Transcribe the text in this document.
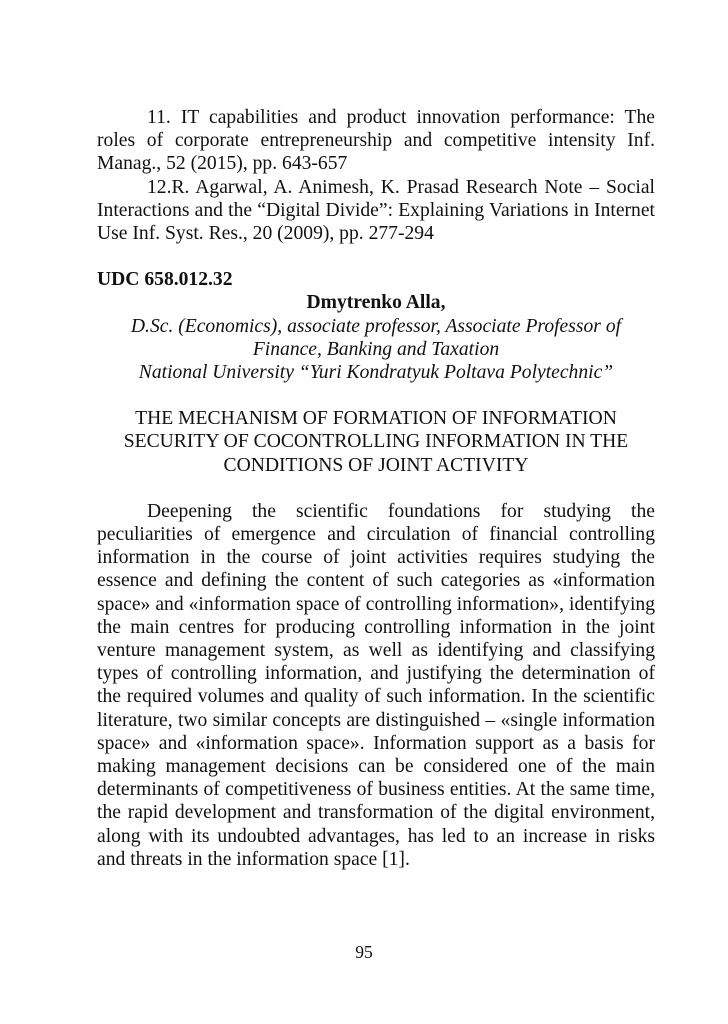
11. IT capabilities and product innovation performance: The roles of corporate entrepreneurship and competitive intensity Inf. Manag., 52 (2015), pp. 643-657

12.R. Agarwal, A. Animesh, K. Prasad Research Note – Social Interactions and the “Digital Divide”: Explaining Variations in Internet Use Inf. Syst. Res., 20 (2009), pp. 277-294

UDC 658.012.32

Dmytrenko Alla,

D.Sc. (Economics), associate professor, Associate Professor of Finance, Banking and Taxation

National University “Yuri Kondratyuk Poltava Polytechnic”

THE MECHANISM OF FORMATION OF INFORMATION SECURITY OF COCONTROLLING INFORMATION IN THE CONDITIONS OF JOINT ACTIVITY

Deepening the scientific foundations for studying the peculiarities of emergence and circulation of financial controlling information in the course of joint activities requires studying the essence and defining the content of such categories as «information space» and «information space of controlling information», identifying the main centres for producing controlling information in the joint venture management system, as well as identifying and classifying types of controlling information, and justifying the determination of the required volumes and quality of such information. In the scientific literature, two similar concepts are distinguished – «single information space» and «information space». Information support as a basis for making management decisions can be considered one of the main determinants of competitiveness of business entities. At the same time, the rapid development and transformation of the digital environment, along with its undoubted advantages, has led to an increase in risks and threats in the information space [1].

95
